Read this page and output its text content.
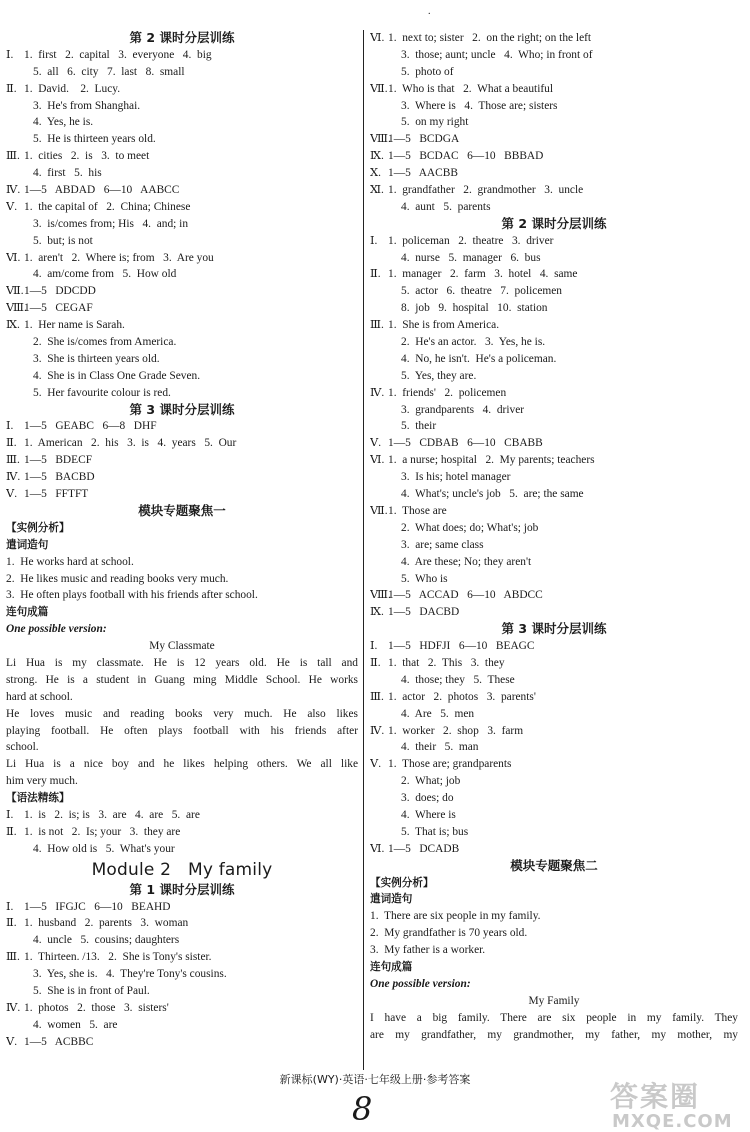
.
第 2 课时分层训练
Ⅰ. 1.  first   2.  capital   3.  everyone   4.  big
5.  all   6.  city   7.  last   8.  small
Ⅱ. 1.  David.    2.  Lucy.
3.  He's from Shanghai.
4.  Yes, he is.
5.  He is thirteen years old.
Ⅲ. 1.  cities   2.  is   3.  to meet
4.  first   5.  his
Ⅳ. 1—5   ABDAD   6—10   AABCC
Ⅴ. 1.  the capital of   2.  China; Chinese
3.  is/comes from; His   4.  and; in
5.  but; is not
Ⅵ. 1.  aren't   2.  Where is; from   3.  Are you
4.  am/come from   5.  How old
Ⅶ. 1—5   DDCDD
Ⅷ.
1—5   CEGAF
Ⅸ. 1.  Her name is Sarah.
2.  She is/comes from America.
3.  She is thirteen years old.
4.  She is in Class One Grade Seven.
5.  Her favourite colour is red.
第 3 课时分层训练
Ⅰ. 1—5   GEABC   6—8   DHF
Ⅱ. 1.  American   2.  his   3.  is   4.  years   5.  Our
Ⅲ. 1—5   BDECF
Ⅳ. 1—5   BACBD
Ⅴ. 1—5   FFTFT
模块专题聚焦一
【实例分析】
遣词造句
1.  He works hard at school.
2.  He likes music and reading books very much.
3.  He often plays football with his friends after school.
连句成篇
One possible version:
My Classmate
Li Hua is my classmate. He is 12 years old. He is tall and
strong. He is a student in Guang ming Middle School. He works
hard at school.
He loves music and reading books very much. He also likes
playing football. He often plays football with his friends after
school.
Li Hua is a nice boy and he likes helping others. We all like
him very much.
【语法精练】
Ⅰ. 1.  is   2.  is; is   3.  are   4.  are   5.  are
Ⅱ. 1.  is not   2.  Is; your   3.  they are
4.  How old is   5.  What's your
Module 2   My family
第 1 课时分层训练
Ⅰ. 1—5   IFGJC   6—10   BEAHD
Ⅱ. 1.  husband   2.  parents   3.  woman
4.  uncle   5.  cousins; daughters
Ⅲ. 1.  Thirteen. /13.   2.  She is Tony's sister.
3.  Yes, she is.   4.  They're Tony's cousins.
5.  She is in front of Paul.
Ⅳ. 1.  photos   2.  those   3.  sisters'
4.  women   5.  are
Ⅴ. 1—5   ACBBC
Ⅵ. 1.  next to; sister   2.  on the right; on the left
3.  those; aunt; uncle   4.  Who; in front of
5.  photo of
Ⅶ. 1.  Who is that   2.  What a beautiful
3.  Where is   4.  Those are; sisters
5.  on my right
Ⅷ.
1—5   BCDGA
Ⅸ. 1—5   BCDAC   6—10   BBBAD
Ⅹ. 1—5   AACBB
Ⅺ. 1.  grandfather   2.  grandmother   3.  uncle
4.  aunt   5.  parents
第 2 课时分层训练
Ⅰ. 1.  policeman   2.  theatre   3.  driver
4.  nurse   5.  manager   6.  bus
Ⅱ. 1.  manager   2.  farm   3.  hotel   4.  same
5.  actor   6.  theatre   7.  policemen
8.  job   9.  hospital   10.  station
Ⅲ. 1.  She is from America.
2.  He's an actor.   3.  Yes, he is.
4.  No, he isn't.  He's a policeman.
5.  Yes, they are.
Ⅳ. 1.  friends'   2.  policemen
3.  grandparents   4.  driver
5.  their
Ⅴ. 1—5   CDBAB   6—10   CBABB
Ⅵ. 1.  a nurse; hospital   2.  My parents; teachers
3.  Is his; hotel manager
4.  What's; uncle's job   5.  are; the same
Ⅶ. 1.  Those are
2.  What does; do; What's; job
3.  are; same class
4.  Are these; No; they aren't
5.  Who is
Ⅷ.
1—5   ACCAD   6—10   ABDCC
Ⅸ. 1—5   DACBD
第 3 课时分层训练
Ⅰ. 1—5   HDFJI   6—10   BEAGC
Ⅱ. 1.  that   2.  This   3.  they
4.  those; they   5.  These
Ⅲ. 1.  actor   2.  photos   3.  parents'
4.  Are   5.  men
Ⅳ. 1.  worker   2.  shop   3.  farm
4.  their   5.  man
Ⅴ. 1.  Those are; grandparents
2.  What; job
3.  does; do
4.  Where is
5.  That is; bus
Ⅵ. 1—5   DCADB
模块专题聚焦二
【实例分析】
遣词造句
1.  There are six people in my family.
2.  My grandfather is 70 years old.
3.  My father is a worker.
连句成篇
One possible version:
My Family
I have a big family. There are six people in my family. They
are my grandfather, my grandmother, my father, my mother, my
新课标(WY)·英语·七年级上册·参考答案
8	答案圈
MXQE.COM
